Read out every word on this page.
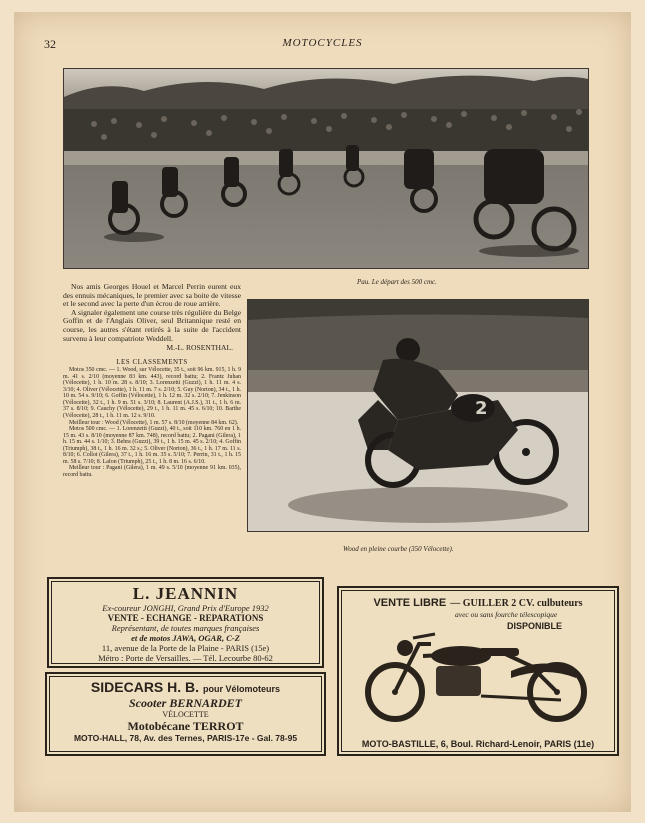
32	MOTOCYCLES
Pau. Le départ des 500 cmc.
2
Wood en pleine courbe (350 Vélocette).

Nos amis Georges Houel et Marcel Perrin eurent eux des ennuis mécaniques, le premier avec sa boite de vitesse et le second avec la perte d'un écrou de roue arrière.

A signaler également une course très régulière du Belge Goffin et de l'Anglais Oliver, seul Britannique resté en course, les autres s'étant retirés à la suite de l'accident survenu à leur compatriote Weddell.

M.-L. ROSENTHAL.

LES CLASSEMENTS

Motos 350 cmc. — 1. Wood, sur Vélocette, 35 t., soit 96 km. 915, 1 h. 9 m. 41 s. 2/10 (moyenne 83 km. 443), record battu; 2. Frantz Juhan (Vélocette), 1 h. 10 m. 28 s. 8/10; 3. Lorenzetti (Guzzi), 1 h. 11 m. 4 s. 3/10; 4. Oliver (Vélocette), 1 h. 11 m. 7 s. 2/10; 5. Guy (Norton), 34 t., 1 h. 10 m. 54 s. 9/10; 6. Goffin (Vélocette), 1 h. 12 m. 32 s. 2/10; 7. Jenkinson (Vélocette), 32 t., 1 h. 9 m. 51 s. 3/10; 8. Laurent (A.J.S.), 31 t., 1 h. 6 m. 37 s. 8/10; 9. Cauchy (Vélocette), 29 t., 1 h. 11 m. 45 s. 6/10; 10. Barthe (Vélocette), 28 t., 1 h. 11 m. 12 s. 9/10.

Meilleur tour : Wood (Vélocette), 1 m. 57 s. 8/10 (moyenne 84 km. 62).

Motos 500 cmc. — 1. Lorenzetti (Guzzi), 40 t., soit 110 km. 760 en 1 h. 15 m. 43 s. 8/10 (moyenne 87 km. 748), record battu; 2. Pagani (Gilera), 1 h. 15 m. 44 s. 1/10; 3. Behra (Guzzi), 39 t., 1 h. 15 m. 45 s. 2/10; 4. Goffin (Triumph), 38 t., 1 h. 16 m. 32 s.; 5. Oliver (Norton), 36 t., 1 h. 17 m. 11 s. 8/10; 6. Collot (Gilera), 37 t., 1 h. 16 m. 35 s. 5/10; 7. Perrin, 31 t., 1 h. 15 m. 58 s. 7/10; 8. Lafon (Triumph), 25 t., 1 h. 8 m. 16 s. 6/10.

Meilleur tour : Pagani (Gilera), 1 m. 49 s. 5/10 (moyenne 91 km. 035), record battu.

L. JEANNIN

Ex-coureur JONGHI, Grand Prix d'Europe 1932

VENTE - ECHANGE - REPARATIONS

Représentant, de toutes marques françaises

et de motos JAWA, OGAR, C-Z

11, avenue de la Porte de la Plaine - PARIS (15e)

Métro : Porte de Versailles. — Tél. Lecourbe 80-62

SIDECARS H. B. pour Vélomoteurs

Scooter BERNARDET

VÉLOCETTE

Motobécane TERROT

MOTO-HALL, 78, Av. des Ternes, PARIS-17e - Gal. 78-95

VENTE LIBRE — GUILLER 2 CV. culbuteurs

avec ou sans fourche télescopique

DISPONIBLE

MOTO-BASTILLE, 6, Boul. Richard-Lenoir, PARIS (11e)
